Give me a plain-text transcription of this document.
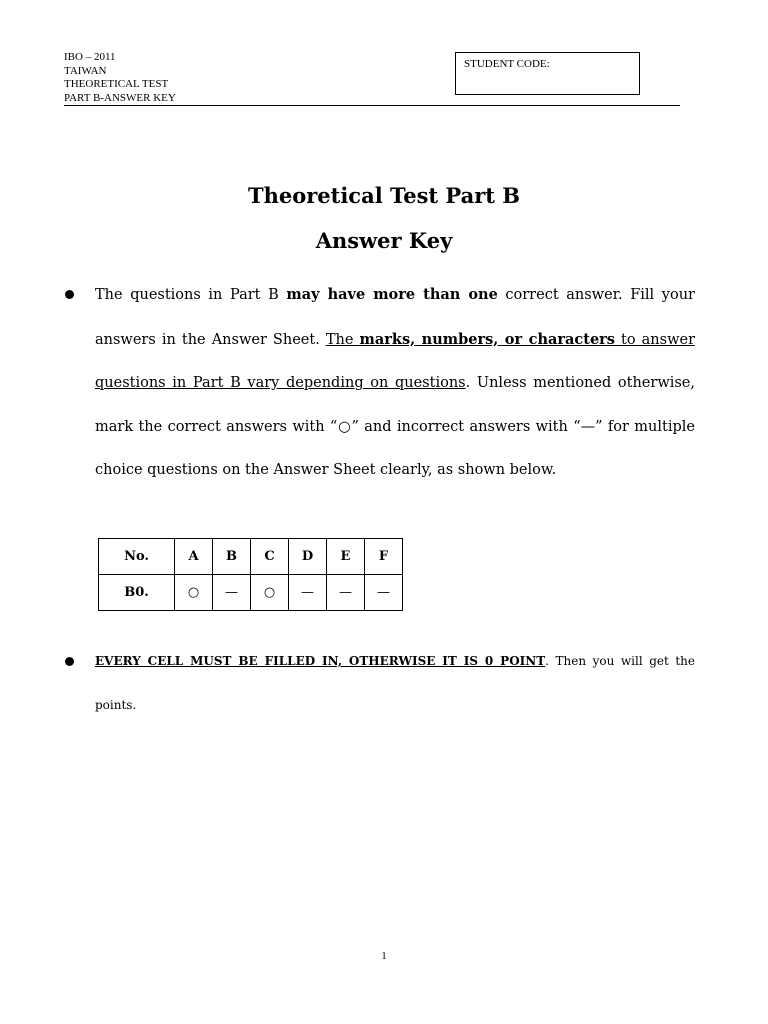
IBO – 2011
TAIWAN
THEORETICAL TEST
PART B-ANSWER KEY
STUDENT CODE:
Theoretical Test Part B
Answer Key
The questions in Part B may have more than one correct answer. Fill your answers in the Answer Sheet. The marks, numbers, or characters to answer questions in Part B vary depending on questions. Unless mentioned otherwise, mark the correct answers with “○” and incorrect answers with “—” for multiple choice questions on the Answer Sheet clearly, as shown below.
No.	A	B	C	D	E	F
B0.	○	—	○	—	—	—
EVERY CELL MUST BE FILLED IN, OTHERWISE IT IS 0 POINT. Then you will get the points.
1
